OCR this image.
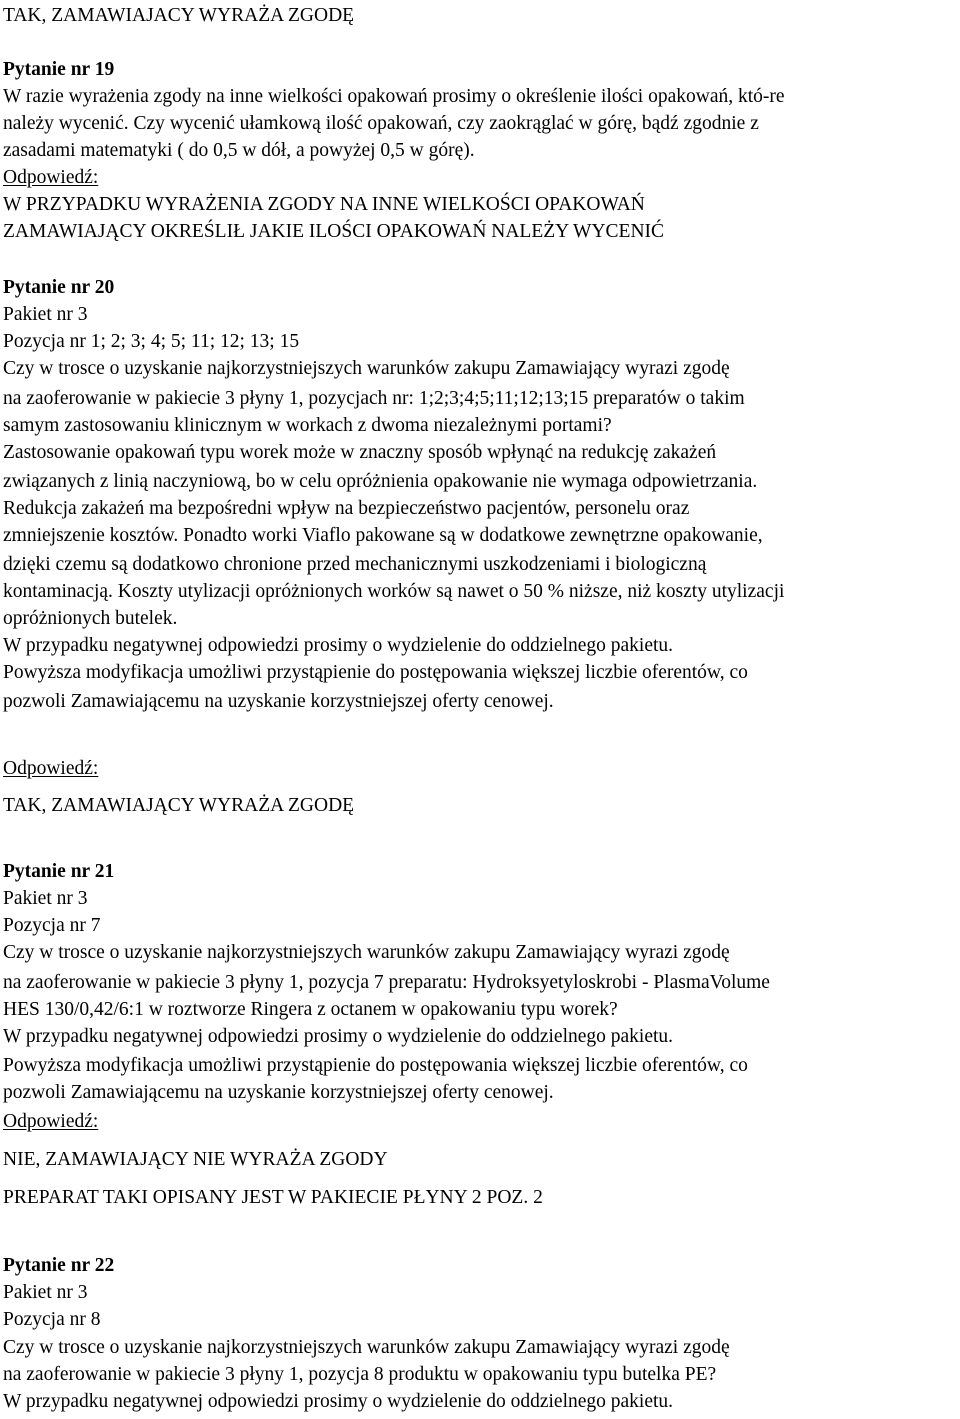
TAK, ZAMAWIAJACY WYRAŻA ZGODĘ
Pytanie nr 19
W razie wyrażenia zgody na inne wielkości opakowań prosimy o określenie ilości opakowań, któ-re
należy wycenić. Czy wycenić ułamkową ilość opakowań, czy zaokrąglać w górę, bądź zgodnie z
zasadami matematyki ( do 0,5 w dół, a powyżej 0,5 w górę).
Odpowiedź:
W PRZYPADKU WYRAŻENIA ZGODY NA INNE WIELKOŚCI OPAKOWAŃ
ZAMAWIAJĄCY OKREŚLIŁ JAKIE ILOŚCI OPAKOWAŃ NALEŻY WYCENIĆ
Pytanie nr 20
Pakiet nr 3
Pozycja nr 1; 2; 3; 4; 5; 11; 12; 13; 15
Czy w trosce o uzyskanie najkorzystniejszych warunków zakupu Zamawiający wyrazi zgodę
na zaoferowanie w pakiecie 3 płyny 1, pozycjach nr: 1;2;3;4;5;11;12;13;15 preparatów o takim
samym zastosowaniu klinicznym w workach z dwoma niezależnymi portami?
Zastosowanie opakowań typu worek może w znaczny sposób wpłynąć na redukcję zakażeń
związanych z linią naczyniową, bo w celu opróżnienia opakowanie nie wymaga odpowietrzania.
Redukcja zakażeń ma bezpośredni wpływ na bezpieczeństwo pacjentów, personelu oraz
zmniejszenie kosztów. Ponadto worki Viaflo pakowane są w dodatkowe zewnętrzne opakowanie,
dzięki czemu są dodatkowo chronione przed mechanicznymi uszkodzeniami i biologiczną
kontaminacją. Koszty utylizacji opróżnionych worków są nawet o 50 % niższe, niż koszty utylizacji
opróżnionych butelek.
W przypadku negatywnej odpowiedzi prosimy o wydzielenie do oddzielnego pakietu.
Powyższa modyfikacja umożliwi przystąpienie do postępowania większej liczbie oferentów, co
pozwoli Zamawiającemu na uzyskanie korzystniejszej oferty cenowej.
Odpowiedź:
TAK, ZAMAWIAJĄCY WYRAŻA ZGODĘ
Pytanie nr 21
Pakiet nr 3
Pozycja nr 7
Czy w trosce o uzyskanie najkorzystniejszych warunków zakupu Zamawiający wyrazi zgodę
na zaoferowanie w pakiecie 3 płyny 1, pozycja 7 preparatu: Hydroksyetyloskrobi - PlasmaVolume
HES 130/0,42/6:1 w roztworze Ringera z octanem w opakowaniu typu worek?
W przypadku negatywnej odpowiedzi prosimy o wydzielenie do oddzielnego pakietu.
Powyższa modyfikacja umożliwi przystąpienie do postępowania większej liczbie oferentów, co
pozwoli Zamawiającemu na uzyskanie korzystniejszej oferty cenowej.
Odpowiedź:
NIE, ZAMAWIAJĄCY NIE WYRAŻA ZGODY
PREPARAT TAKI OPISANY JEST W PAKIECIE PŁYNY 2 POZ. 2
Pytanie nr 22
Pakiet nr 3
Pozycja nr 8
Czy w trosce o uzyskanie najkorzystniejszych warunków zakupu Zamawiający wyrazi zgodę
na zaoferowanie w pakiecie 3 płyny 1, pozycja 8 produktu w opakowaniu typu butelka PE?
W przypadku negatywnej odpowiedzi prosimy o wydzielenie do oddzielnego pakietu.
